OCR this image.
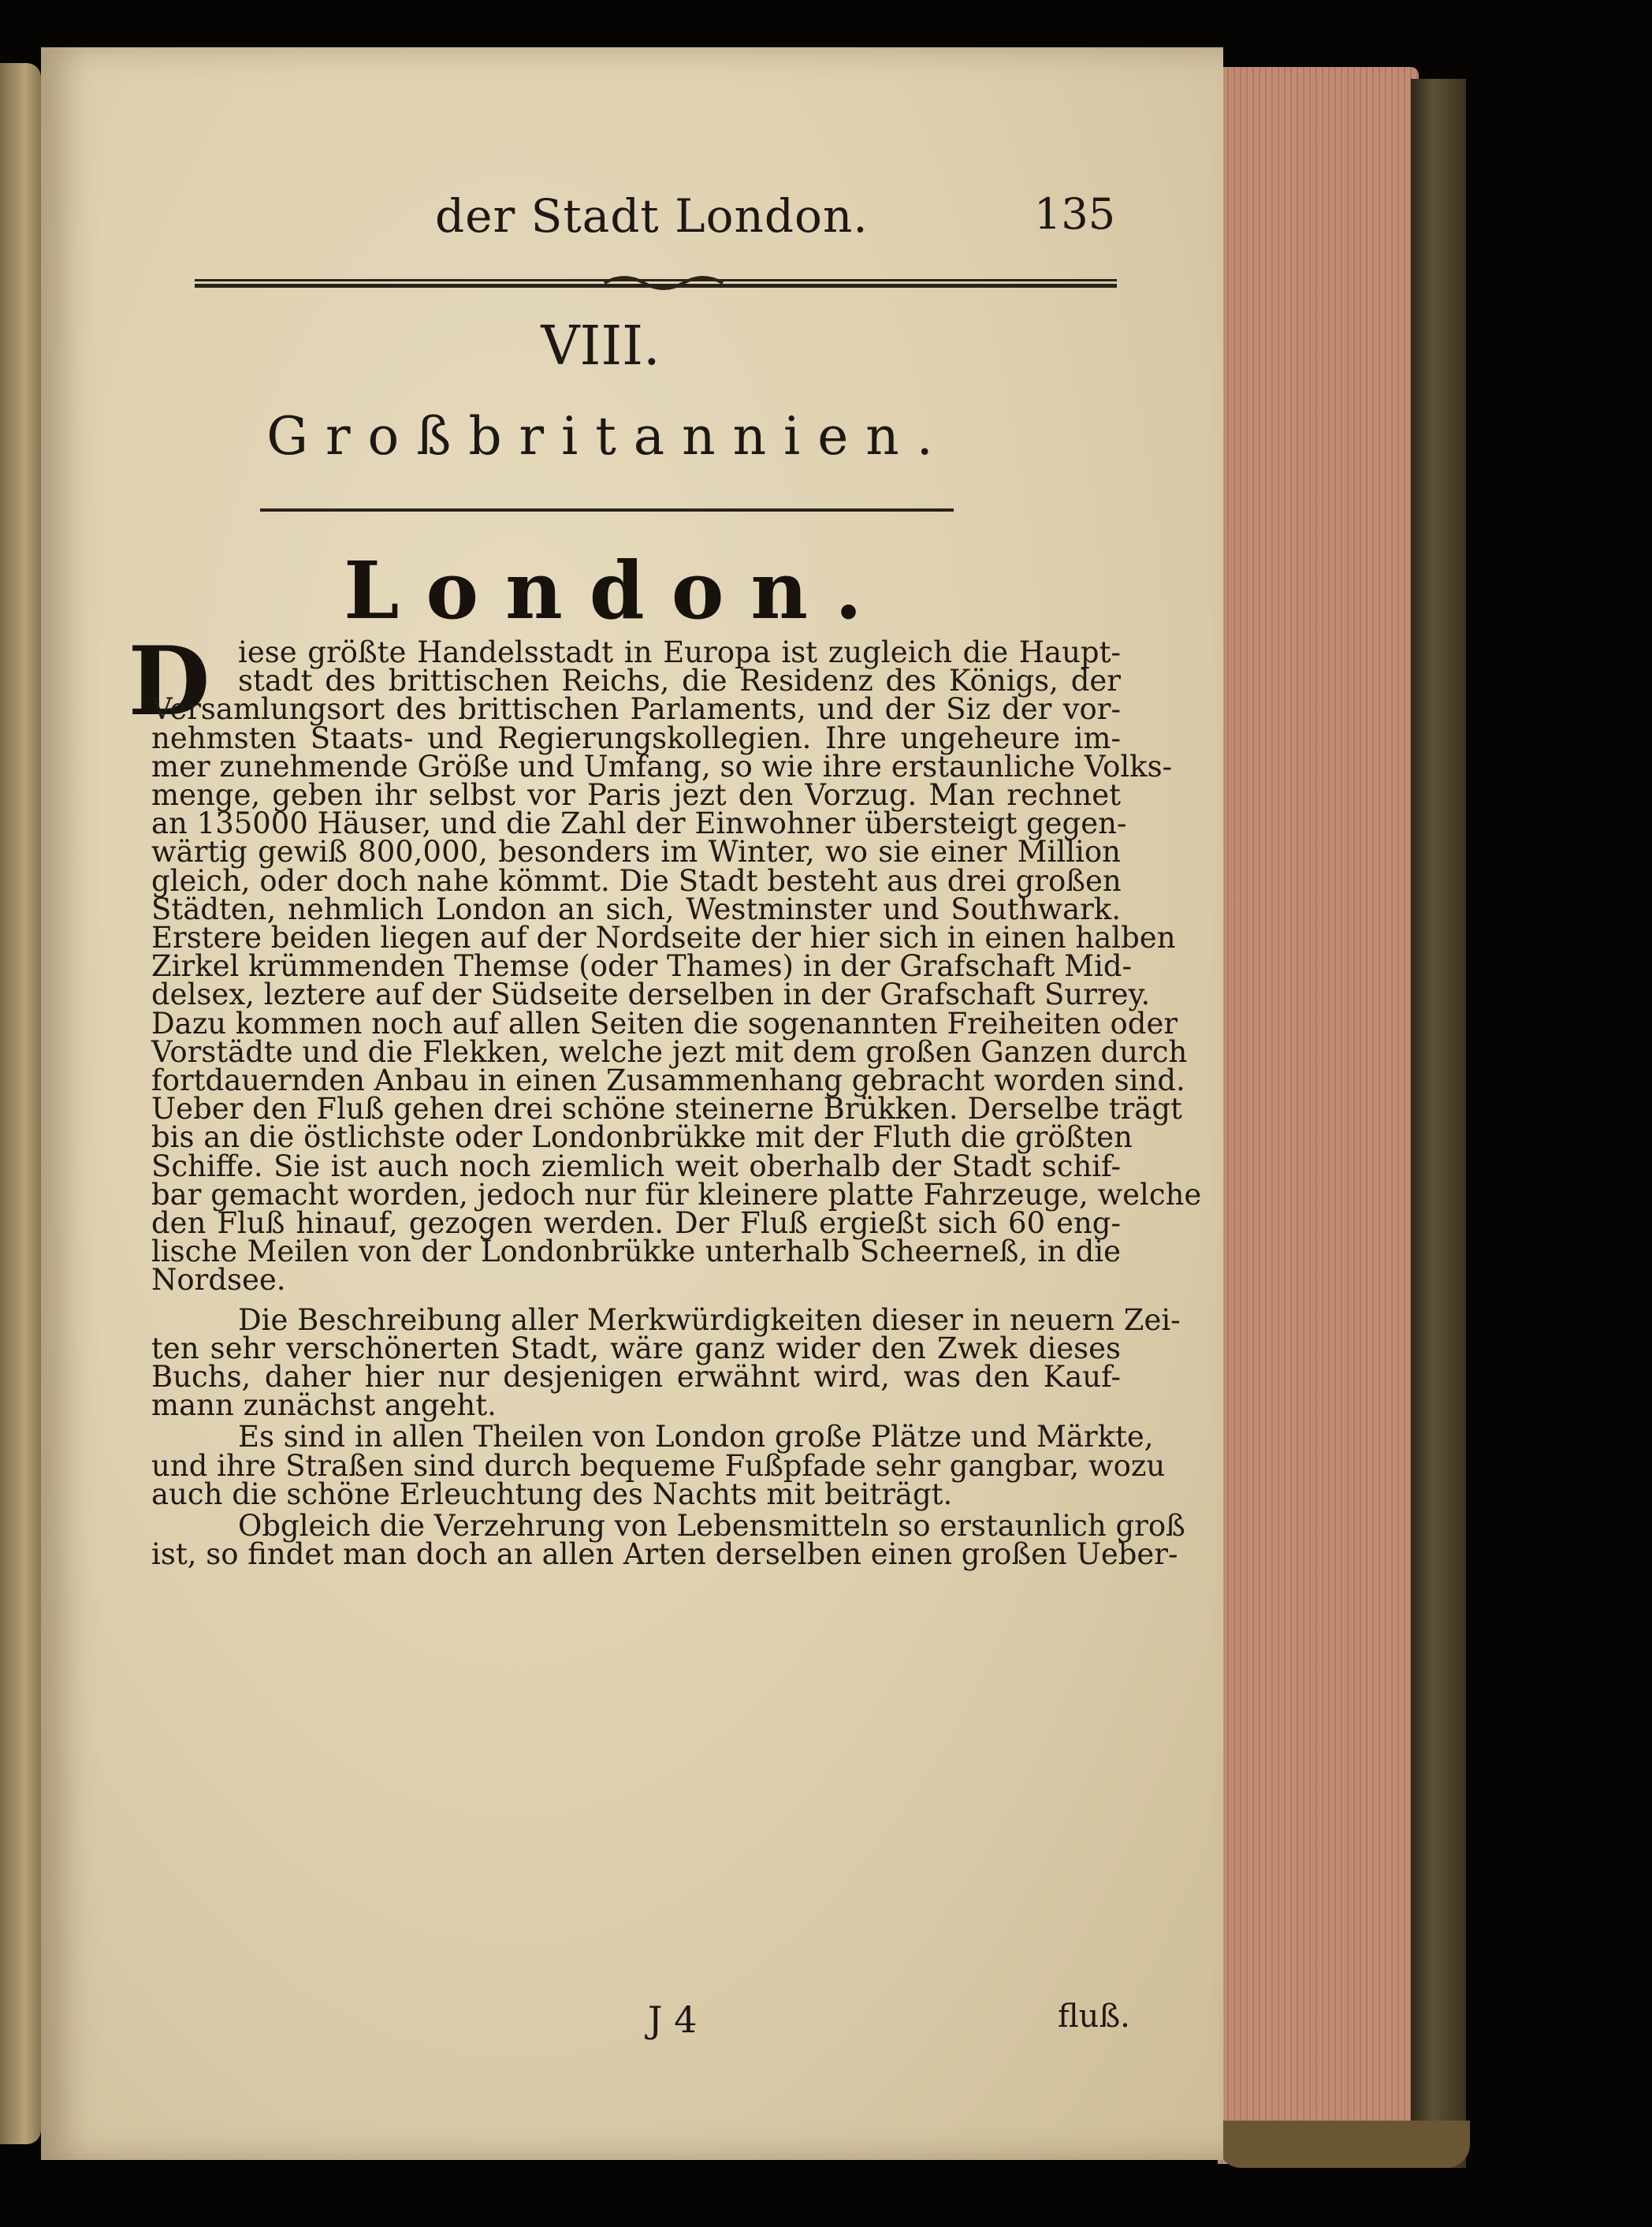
der Stadt London.	135
VIII.
Großbritannien.
London.
D iese größte Handelsstadt in Europa ist zugleich die Haupt-
stadt des brittischen Reichs, die Residenz des Königs, der
Versamlungsort des brittischen Parlaments, und der Siz der vor-
nehmsten Staats- und Regierungskollegien. Ihre ungeheure im-
mer zunehmende Größe und Umfang, so wie ihre erstaunliche Volks-
menge, geben ihr selbst vor Paris jezt den Vorzug. Man rechnet
an 135000 Häuser, und die Zahl der Einwohner übersteigt gegen-
wärtig gewiß 800,000, besonders im Winter, wo sie einer Million
gleich, oder doch nahe kömmt. Die Stadt besteht aus drei großen
Städten, nehmlich London an sich, Westminster und Southwark.
Erstere beiden liegen auf der Nordseite der hier sich in einen halben
Zirkel krümmenden Themse (oder Thames) in der Grafschaft Mid-
delsex, leztere auf der Südseite derselben in der Grafschaft Surrey.
Dazu kommen noch auf allen Seiten die sogenannten Freiheiten oder
Vorstädte und die Flekken, welche jezt mit dem großen Ganzen durch
fortdauernden Anbau in einen Zusammenhang gebracht worden sind.
Ueber den Fluß gehen drei schöne steinerne Brükken. Derselbe trägt
bis an die östlichste oder Londonbrükke mit der Fluth die größten
Schiffe. Sie ist auch noch ziemlich weit oberhalb der Stadt schif-
bar gemacht worden, jedoch nur für kleinere platte Fahrzeuge, welche
den Fluß hinauf, gezogen werden. Der Fluß ergießt sich 60 eng-
lische Meilen von der Londonbrükke unterhalb Scheerneß, in die
Nordsee.

Die Beschreibung aller Merkwürdigkeiten dieser in neuern Zei-
ten sehr verschönerten Stadt, wäre ganz wider den Zwek dieses
Buchs, daher hier nur desjenigen erwähnt wird, was den Kauf-
mann zunächst angeht.

Es sind in allen Theilen von London große Plätze und Märkte,
und ihre Straßen sind durch bequeme Fußpfade sehr gangbar, wozu
auch die schöne Erleuchtung des Nachts mit beiträgt.

Obgleich die Verzehrung von Lebensmitteln so erstaunlich groß
ist, so findet man doch an allen Arten derselben einen großen Ueber-

J 4	fluß.
